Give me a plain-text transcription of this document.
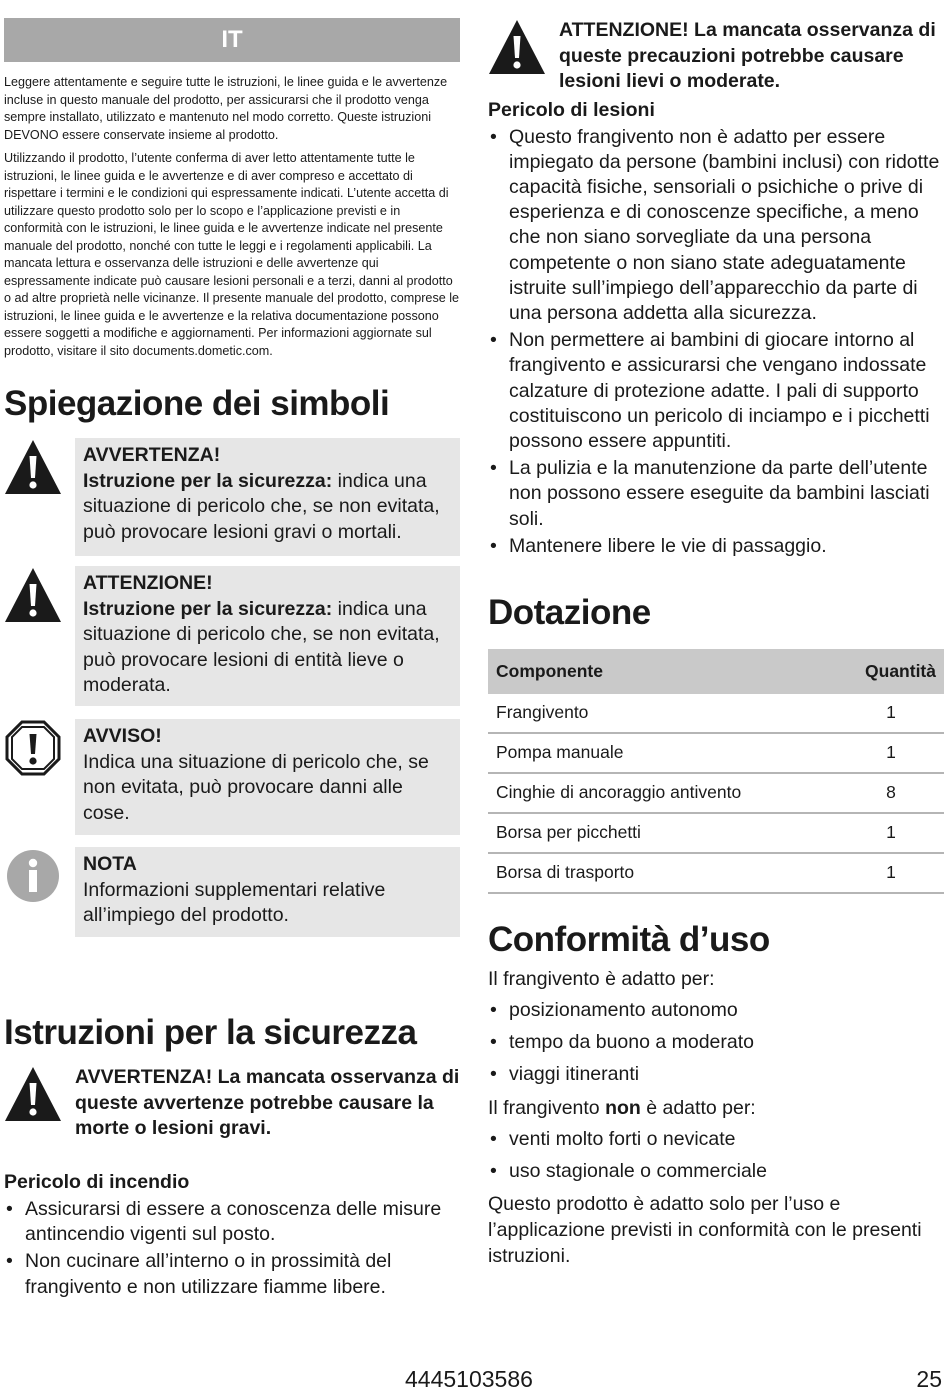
IT

Leggere attentamente e seguire tutte le istruzioni, le linee guida e le avvertenze incluse in questo manuale del prodotto, per assicurarsi che il prodotto venga sempre installato, utilizzato e mantenuto nel modo corretto. Queste istruzioni DEVONO essere conservate insieme al prodotto.

Utilizzando il prodotto, l’utente conferma di aver letto attentamente tutte le istruzioni, le linee guida e le avvertenze e di aver compreso e accettato di rispettare i termini e le condizioni qui espressamente indicati. L’utente accetta di utilizzare questo prodotto solo per lo scopo e l’applicazione previsti e in conformità con le istruzioni, le linee guida e le avvertenze indicate nel presente manuale del prodotto, nonché con tutte le leggi e i regolamenti applicabili. La mancata lettura e osservanza delle istruzioni e delle avvertenze qui espressamente indicate può causare lesioni personali e a terzi, danni al prodotto o ad altre proprietà nelle vicinanze. Il presente manuale del prodotto, comprese le istruzioni, le linee guida e le avvertenze e la relativa documentazione possono essere soggetti a modifiche e aggiornamenti. Per informazioni aggiornate sul prodotto, visitare il sito documents.dometic.com.

Spiegazione dei simboli
AVVERTENZA!
Istruzione per la sicurezza: indica una situazione di pericolo che, se non evitata, può provocare lesioni gravi o mortali.
ATTENZIONE!
Istruzione per la sicurezza: indica una situazione di pericolo che, se non evitata, può provocare lesioni di entità lieve o moderata.
AVVISO!
Indica una situazione di pericolo che, se non evitata, può provocare danni alle cose.
NOTA
Informazioni supplementari relative all’impiego del prodotto.
Istruzioni per la sicurezza
AVVERTENZA! La mancata osservanza di queste avvertenze potrebbe causare la morte o lesioni gravi.
Pericolo di incendio
• Assicurarsi di essere a conoscenza delle misure antincendio vigenti sul posto.
• Non cucinare all’interno o in prossimità del frangivento e non utilizzare fiamme libere.
ATTENZIONE! La mancata osservanza di queste precauzioni potrebbe causare lesioni lievi o moderate.
Pericolo di lesioni
• Questo frangivento non è adatto per essere impiegato da persone (bambini inclusi) con ridotte capacità fisiche, sensoriali o psichiche o prive di esperienza e di conoscenze specifiche, a meno che non siano sorvegliate da una persona competente o non siano state adeguatamente istruite sull’impiego dell’apparecchio da parte di una persona addetta alla sicurezza.
• Non permettere ai bambini di giocare intorno al frangivento e assicurarsi che vengano indossate calzature di protezione adatte. I pali di supporto costituiscono un pericolo di inciampo e i picchetti possono essere appuntiti.
• La pulizia e la manutenzione da parte dell’utente non possono essere eseguite da bambini lasciati soli.
• Mantenere libere le vie di passaggio.
Dotazione
Componente	Quantità
Frangivento	1
Pompa manuale	1
Cinghie di ancoraggio antivento	8
Borsa per picchetti	1
Borsa di trasporto	1
Conformità d’uso

Il frangivento è adatto per:

• posizionamento autonomo
• tempo da buono a moderato
• viaggi itineranti

Il frangivento non è adatto per:

• venti molto forti o nevicate
• uso stagionale o commerciale

Questo prodotto è adatto solo per l’uso e l’applicazione previsti in conformità con le presenti istruzioni.

4445103586	25
